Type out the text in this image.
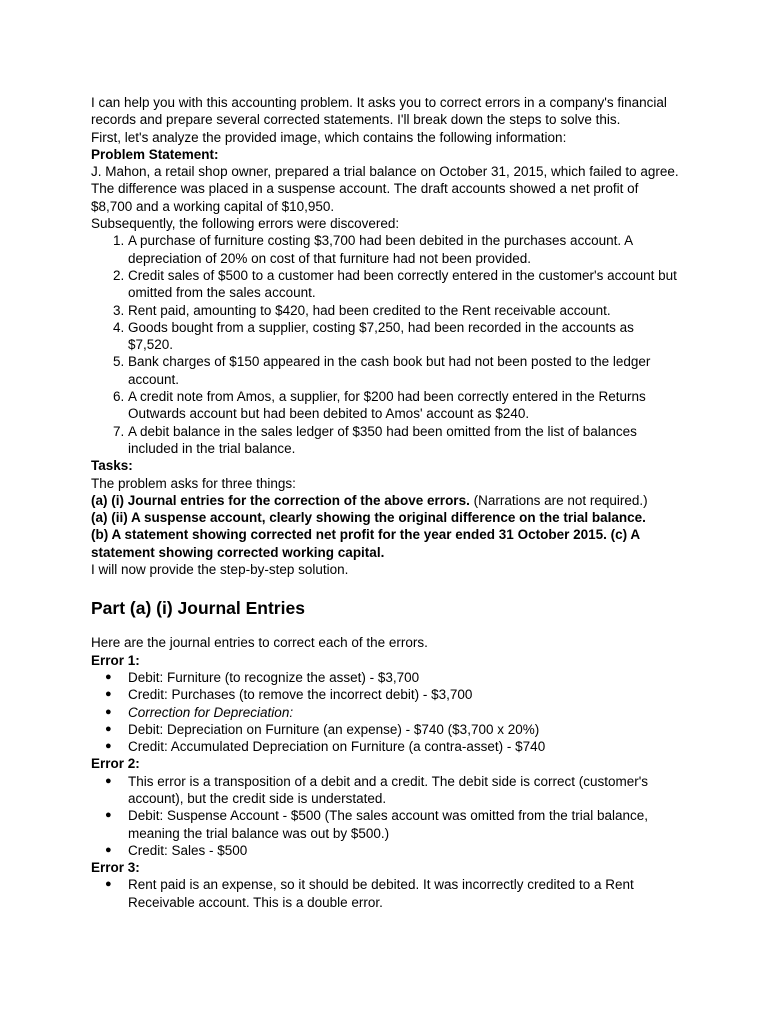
I can help you with this accounting problem. It asks you to correct errors in a company's financial records and prepare several corrected statements. I'll break down the steps to solve this.

First, let's analyze the provided image, which contains the following information:

Problem Statement:

J. Mahon, a retail shop owner, prepared a trial balance on October 31, 2015, which failed to agree. The difference was placed in a suspense account. The draft accounts showed a net profit of $8,700 and a working capital of $10,950.

Subsequently, the following errors were discovered:

1. A purchase of furniture costing $3,700 had been debited in the purchases account. A depreciation of 20% on cost of that furniture had not been provided.
2. Credit sales of $500 to a customer had been correctly entered in the customer's account but omitted from the sales account.
3. Rent paid, amounting to $420, had been credited to the Rent receivable account.
4. Goods bought from a supplier, costing $7,250, had been recorded in the accounts as $7,520.
5. Bank charges of $150 appeared in the cash book but had not been posted to the ledger account.
6. A credit note from Amos, a supplier, for $200 had been correctly entered in the Returns Outwards account but had been debited to Amos' account as $240.
7. A debit balance in the sales ledger of $350 had been omitted from the list of balances included in the trial balance.

Tasks:

The problem asks for three things:

(a) (i) Journal entries for the correction of the above errors. (Narrations are not required.)

(a) (ii) A suspense account, clearly showing the original difference on the trial balance.

(b) A statement showing corrected net profit for the year ended 31 October 2015. (c) A statement showing corrected working capital.

I will now provide the step-by-step solution.

Part (a) (i) Journal Entries

Here are the journal entries to correct each of the errors.

Error 1:

● Debit: Furniture (to recognize the asset) - $3,700
● Credit: Purchases (to remove the incorrect debit) - $3,700
● Correction for Depreciation:
● Debit: Depreciation on Furniture (an expense) - $740 ($3,700 x 20%)
● Credit: Accumulated Depreciation on Furniture (a contra-asset) - $740

Error 2:

● This error is a transposition of a debit and a credit. The debit side is correct (customer's account), but the credit side is understated.
● Debit: Suspense Account - $500 (The sales account was omitted from the trial balance, meaning the trial balance was out by $500.)
● Credit: Sales - $500

Error 3:

● Rent paid is an expense, so it should be debited. It was incorrectly credited to a Rent Receivable account. This is a double error.
